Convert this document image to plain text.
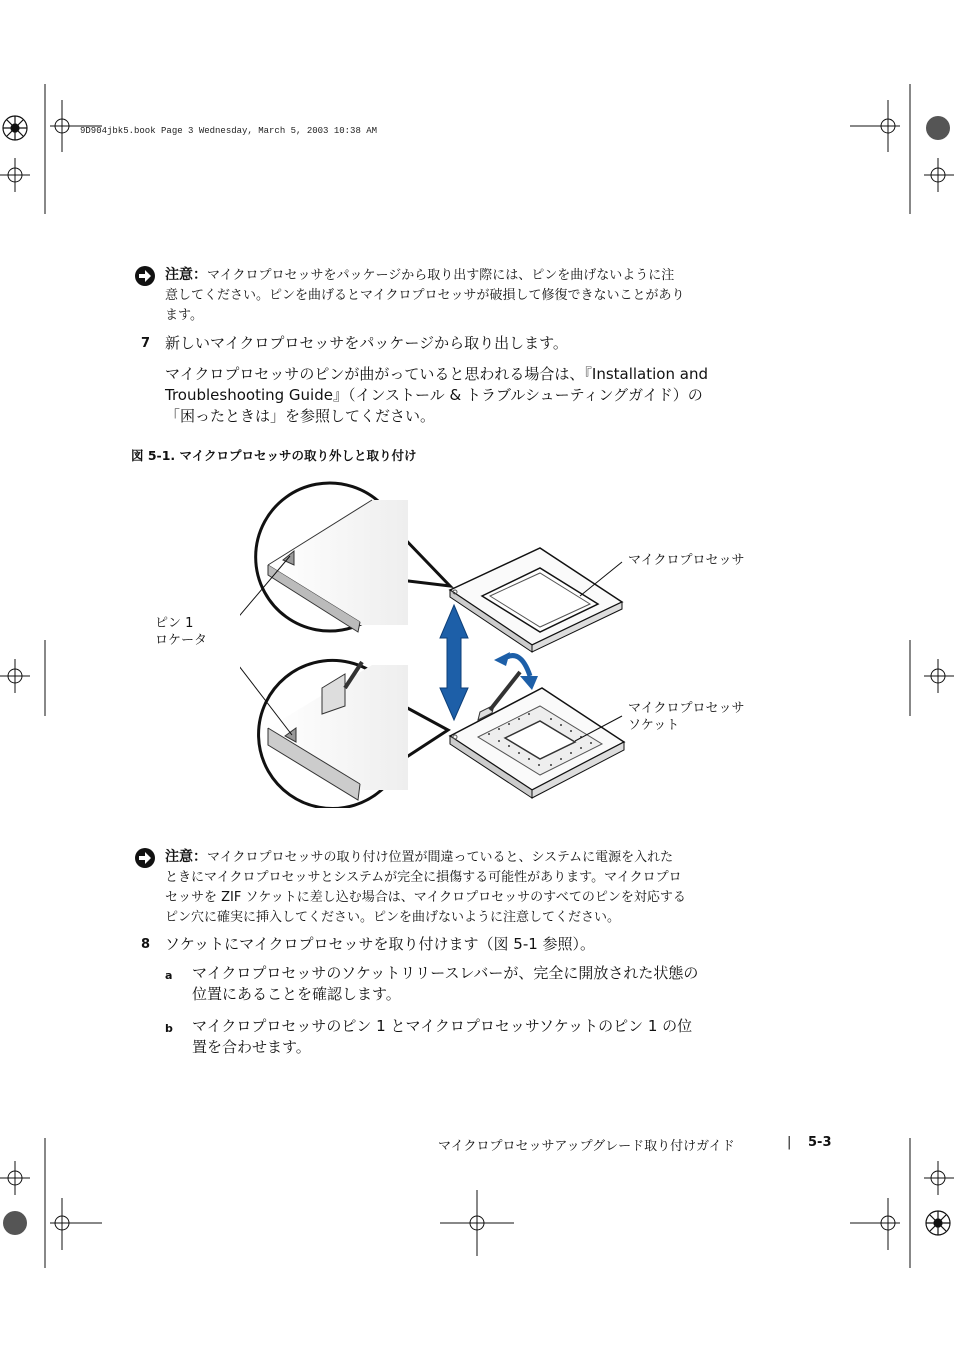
9D904jbk5.book Page 3 Wednesday, March 5, 2003 10:38 AM
注意：マイクロプロセッサをパッケージから取り出す際には、ピンを曲げないように注
意してください。ピンを曲げるとマイクロプロセッサが破損して修復できないことがあり
ます。
7 新しいマイクロプロセッサをパッケージから取り出します。
マイクロプロセッサのピンが曲がっていると思われる場合は、『Installation and
Troubleshooting Guide』（インストール & トラブルシューティングガイド）の
「困ったときは」を参照してください。
図 5-1. マイクロプロセッサの取り外しと取り付け
マイクロプロセッサ
ピン 1
ロケータ
マイクロプロセッサ
ソケット
注意：マイクロプロセッサの取り付け位置が間違っていると、システムに電源を入れた
ときにマイクロプロセッサとシステムが完全に損傷する可能性があります。マイクロプロ
セッサを ZIF ソケットに差し込む場合は、マイクロプロセッサのすべてのピンを対応する
ピン穴に確実に挿入してください。ピンを曲げないように注意してください。
8 ソケットにマイクロプロセッサを取り付けます（図 5-1 参照）。
a マイクロプロセッサのソケットリリースレバーが、完全に開放された状態の
位置にあることを確認します。
b マイクロプロセッサのピン 1 とマイクロプロセッサソケットのピン 1 の位
置を合わせます。
マイクロプロセッサアップグレード取り付けガイド	| 5-3
